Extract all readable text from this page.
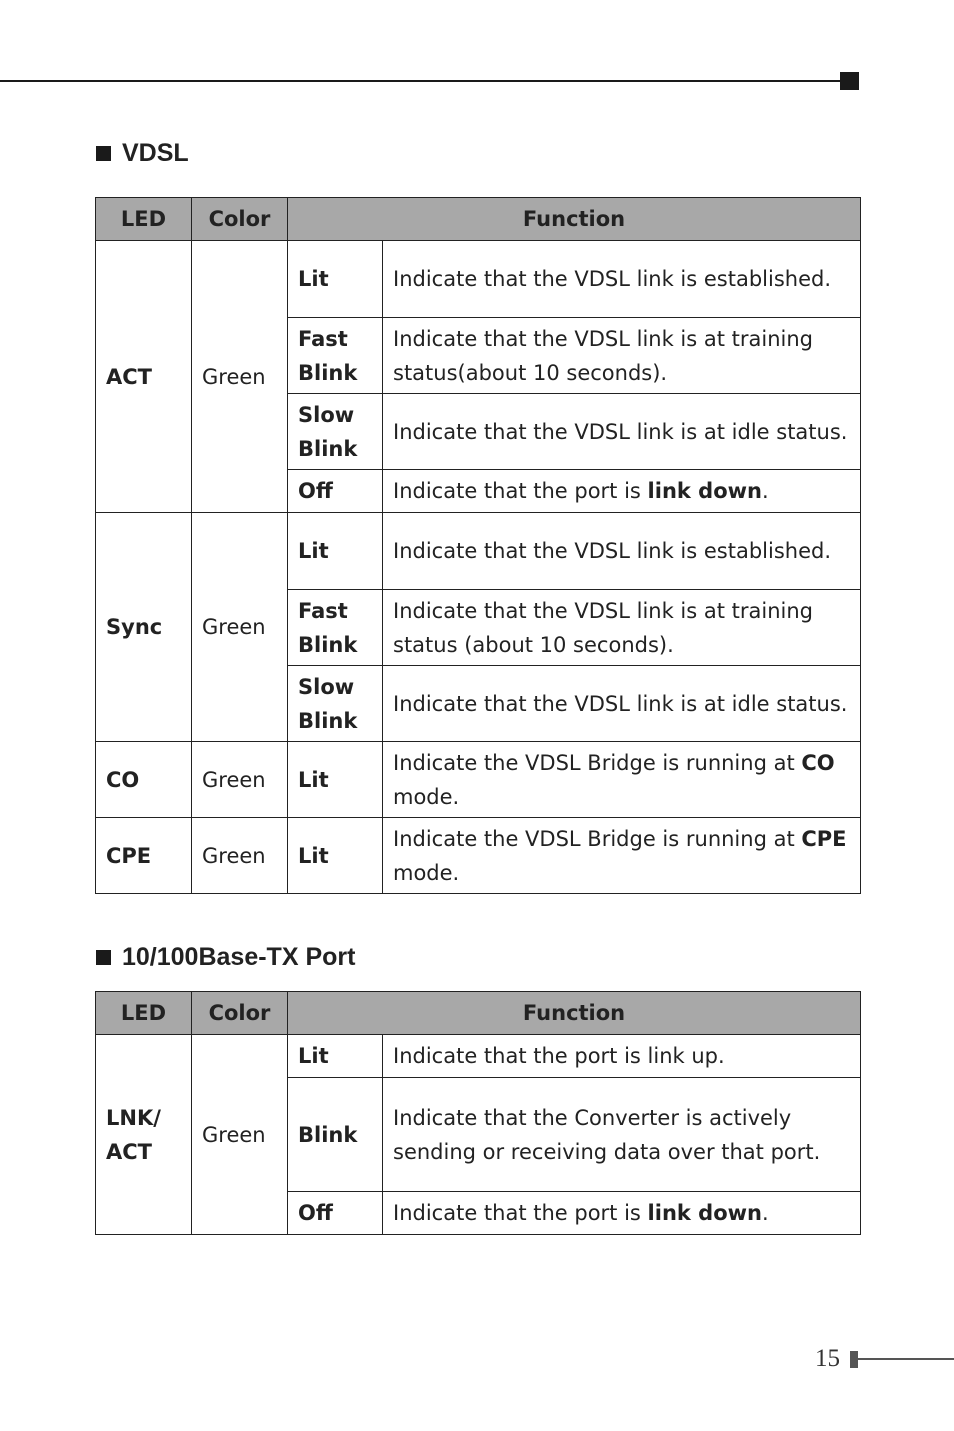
VDSL
LED	Color	Function	
ACT	Green	Lit	Indicate that the VDSL link is established.
		Fast Blink	Indicate that the VDSL link is at training status(about 10 seconds).
		Slow Blink	Indicate that the VDSL link is at idle status.
		Off	Indicate that the port is link down.
Sync	Green	Lit	Indicate that the VDSL link is established.
		Fast Blink	Indicate that the VDSL link is at training status (about 10 seconds).
		Slow Blink	Indicate that the VDSL link is at idle status.
CO	Green	Lit	Indicate the VDSL Bridge is running at CO mode.
CPE	Green	Lit	Indicate the VDSL Bridge is running at CPE mode.
10/100Base-TX Port
LED	Color	Function	
LNK/ ACT	Green	Lit	Indicate that the port is link up.
		Blink	Indicate that the Converter is actively sending or receiving data over that port.
		Off	Indicate that the port is link down.
15
